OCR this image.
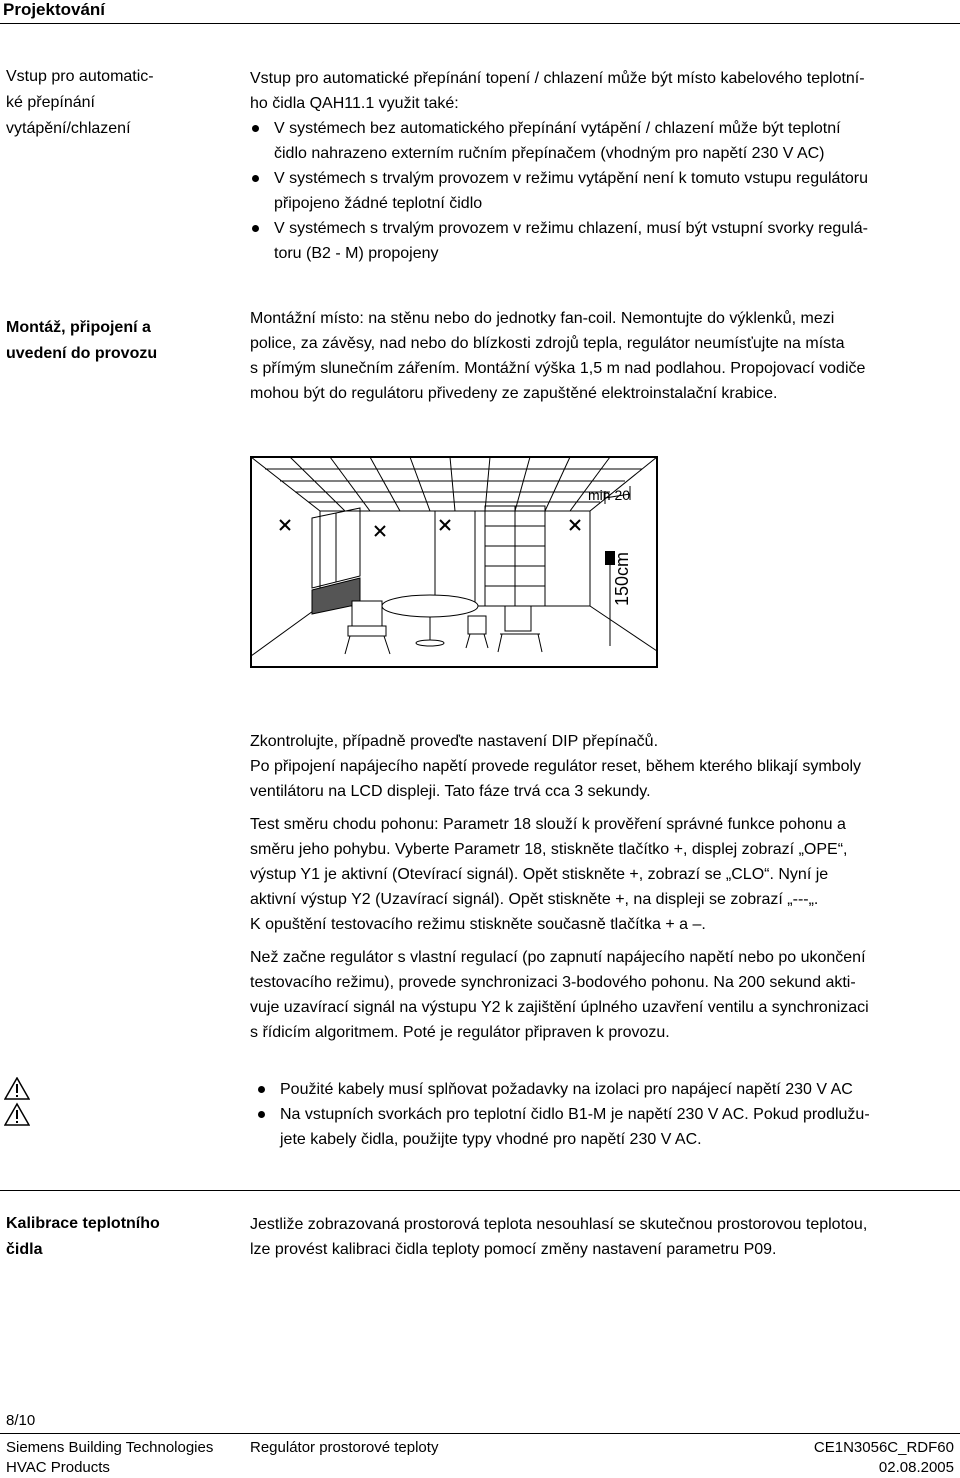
Projektování
Vstup pro automatic-
ké přepínání
vytápění/chlazení

Vstup pro automatické přepínání topení / chlazení může být místo kabelového teplotní-

ho čidla QAH11.1 využit také:

V systémech bez automatického přepínání vytápění / chlazení může být teplotní
čidlo nahrazeno externím ručním přepínačem (vhodným pro napětí 230 V AC)
V systémech s trvalým provozem v režimu vytápění není k tomuto vstupu regulátoru
připojeno žádné teplotní čidlo
V systémech s trvalým provozem v režimu chlazení, musí být vstupní svorky regulá-
toru (B2 - M) propojeny
Montáž, připojení a
uvedení do provozu

Montážní místo: na stěnu nebo do jednotky fan-coil. Nemontujte do výklenků, mezi

police, za závěsy, nad nebo do blízkosti zdrojů tepla, regulátor neumísťujte na místa

s přímým slunečním zářením. Montážní výška 1,5 m nad podlahou. Propojovací vodiče

mohou být do regulátoru přivedeny ze zapuštěné elektroinstalační krabice.

min 20
150cm

Zkontrolujte, případně proveďte nastavení DIP přepínačů.

Po připojení napájecího napětí provede regulátor reset, během kterého blikají symboly

ventilátoru na LCD displeji. Tato fáze trvá cca 3 sekundy.

Test směru chodu pohonu: Parametr 18 slouží k prověření správné funkce pohonu a

směru jeho pohybu. Vyberte Parametr 18, stiskněte tlačítko +, displej zobrazí „OPE“,

výstup Y1 je aktivní (Otevírací signál). Opět stiskněte +, zobrazí se „CLO“. Nyní je

aktivní výstup Y2 (Uzavírací signál). Opět stiskněte +, na displeji se zobrazí „---„.

K opuštění testovacího režimu stiskněte současně tlačítka + a –.

Než začne regulátor s vlastní regulací (po zapnutí napájecího napětí nebo po ukončení

testovacího režimu), provede synchronizaci 3-bodového pohonu. Na 200 sekund akti-

vuje uzavírací signál na výstupu Y2 k zajištění úplného uzavření ventilu a synchronizaci

s řídicím algoritmem. Poté je regulátor připraven k provozu.

Použité kabely musí splňovat požadavky na izolaci pro napájecí napětí 230 V AC
Na vstupních svorkách pro teplotní čidlo B1-M je napětí 230 V AC. Pokud prodlužu-
jete kabely čidla, použijte typy vhodné pro napětí 230 V AC.
Kalibrace teplotního
čidla

Jestliže zobrazovaná prostorová teplota nesouhlasí se skutečnou prostorovou teplotou,

lze provést kalibraci čidla teploty pomocí změny nastavení parametru P09.

8/10
Siemens Building Technologies
HVAC Products
Regulátor prostorové teploty	CE1N3056C_RDF60
02.08.2005
